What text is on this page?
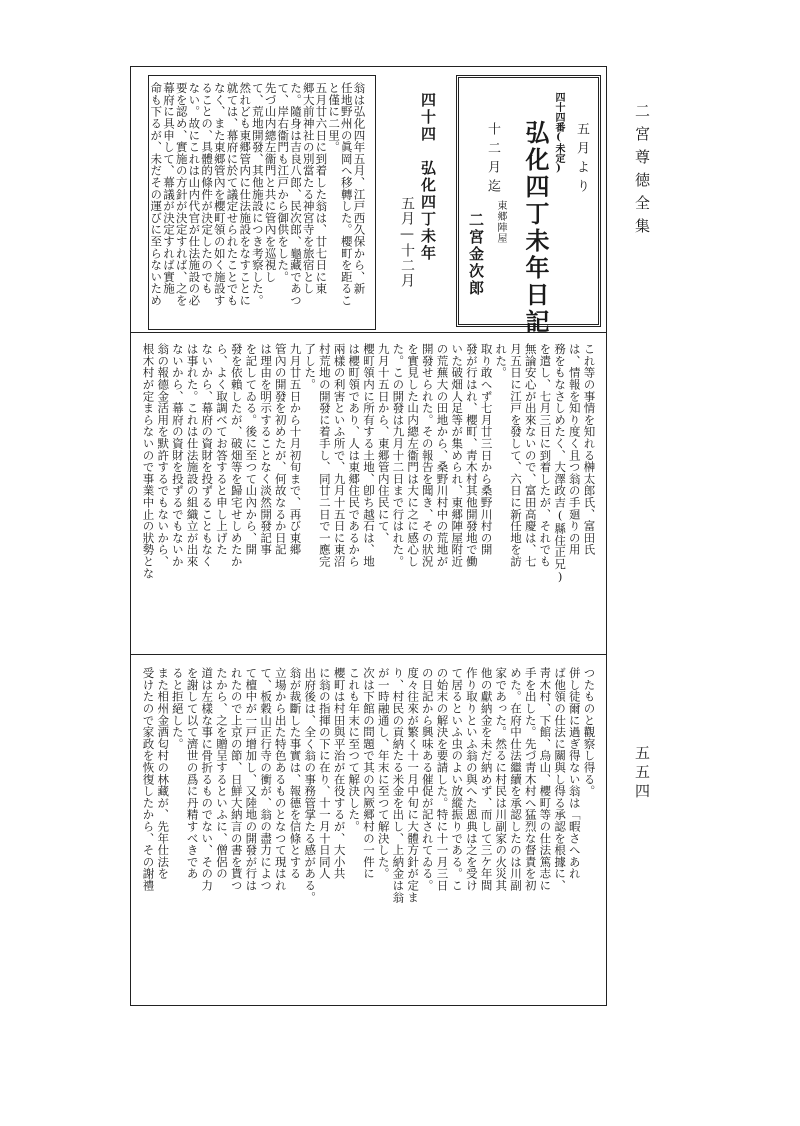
二宮尊徳全集
五五四
五月より
四十四番(未定)
弘化四丁未年日記
東郷陣屋
十二月迄
二宮金次郎
四十四　弘化四丁未年
五月—十二月
翁は弘化四年五月、江戸西久保から、新
任地野州の眞岡へ移轉した。櫻町を距るこ
と僅に二里。
五月廿六日に到着した翁は、廿七日に東
郷大前神社の別當たる神宮寺を旅宿とし
た。隨身は吉良八郎、民次郎、龜藏であつ
て、岸右衞門も江戸から御供をした。
先づ山内總左衞門と共に管內を巡視し
て、荒地開發、其他施設につき考察した。
然れども東郷管内に仕法施設をなすことに
就ては、幕府に於て議定せられたことでも
なく、また東郷管內を櫻町領の如く施設す
ることの、具體的條件が決定したのでも
ない。故にこれは山内代官が仕法施設の必
要を認め、實施の方針が決定すれば、之を
幕府に具申して、幕議が決定すれば實施
命も下るが、未だその運びに至らないため
これ等の事情を知れる榊太郎氏、富田氏
は、情報を知り度く且つ翁の手廻りの用
務をもなさしめたく、大澤政吉(縣住正兄)
を遣し、七月三日に到着したが、それでも
無論安心が出來ないので、富田高慶は、七
月五日に江戸を發して、六日に新任地を訪
れた。
取り敢へず七月廿三日から桑野川村の開
發が行はれ、櫻町、靑木村其他開發地で働
いた破畑人足等が集められ、東郷陣屋附近
の荒蕪大の田地から、桑野川村中の荒地が
開發せられた。その報告を聞き、その狀況
を實見した山内總左衞門は大に之に感心し
た。この開發は九月十二日まで行はれた。
九月十五日から、東郷管内住民にて、
櫻町領内に所有する土地、卽ち越石は、地
は櫻町領であり、人は東郷住民であるから
兩樣の利害といふ所で、九月十五日に東沼
村荒地の開發に着手し、同廿二日で一應完
了した。
九月廿五日から十月初旬まで、再び東郷
管內の開發を初めたが、何故なるか日記
は理由を明示することなく淡然開發記事
を記してゐる。後に至つて山內から、開
發を依賴したが、破畑等を歸宅せしめたか
ら、よく取調べてお答すると申し上げた
ないから、幕府の資財を投ずることもなく
は事れた。これは仕法施設の組織立が出來
ないから、幕府の資財を投ずるでもないか
翁の報德金活用を默許するでもないから、
根木村が定まらないので事業中止の狀勢とな
つたものと觀察し得る。
併し徒爾に過ぎ得ない翁は「暇さへあれ
ば他領の仕法に關與し得る承認を根據に、
靑木村、下館、烏山、櫻町等の仕法篤志に
手を出した。先づ靑木村へ猛烈な督責を初
めた。在府中仕法繼續を承認したのは川副
家であった。然るに村民は川副家の火災其
他の獻納金を未だ納めず、而して三ケ年間
作り取りといふ翁の與へた恩典は之を受け
て居るといふ虫のよい放縱振りである。こ
の始末の解決を要請した。特に十一月三日
の日記から興味ある催促が記されてゐる。
度々往來が繁く十一月中旬に大體方針が定ま
り、村民の貢納たる米金を出し、上納金は翁
が一時融通し、年末に至つて解決した。
次は下館の問題で其の內厥郷村の一件に
これも年末に至つて解決した。
櫻町は村田與平治が在役するが、大小共
に翁の指揮の下に在り、十一月十日同人
出府後は、全く翁の事務管掌たる感がある。
翁が裁斷した事實は、報德を信條とする
立場から出た特色あるものとなつて現はれ
て、板穀山正行寺の衝が、翁の盡力によつ
て檀中が一戸增加し、又陸地の開發が行は
れたので上京の節、日鮮大納言の書を貰つ
たから、之を贈呈するといふに、僧侶の
道は左樣な事に骨折るものでない、その力
を謝して以て濟世の爲に丹精すべきであ
ると拒絕した。
また相州金酒匂村の林藏が、先年仕法を
受けたので家政を恢復したから、その謝禮
